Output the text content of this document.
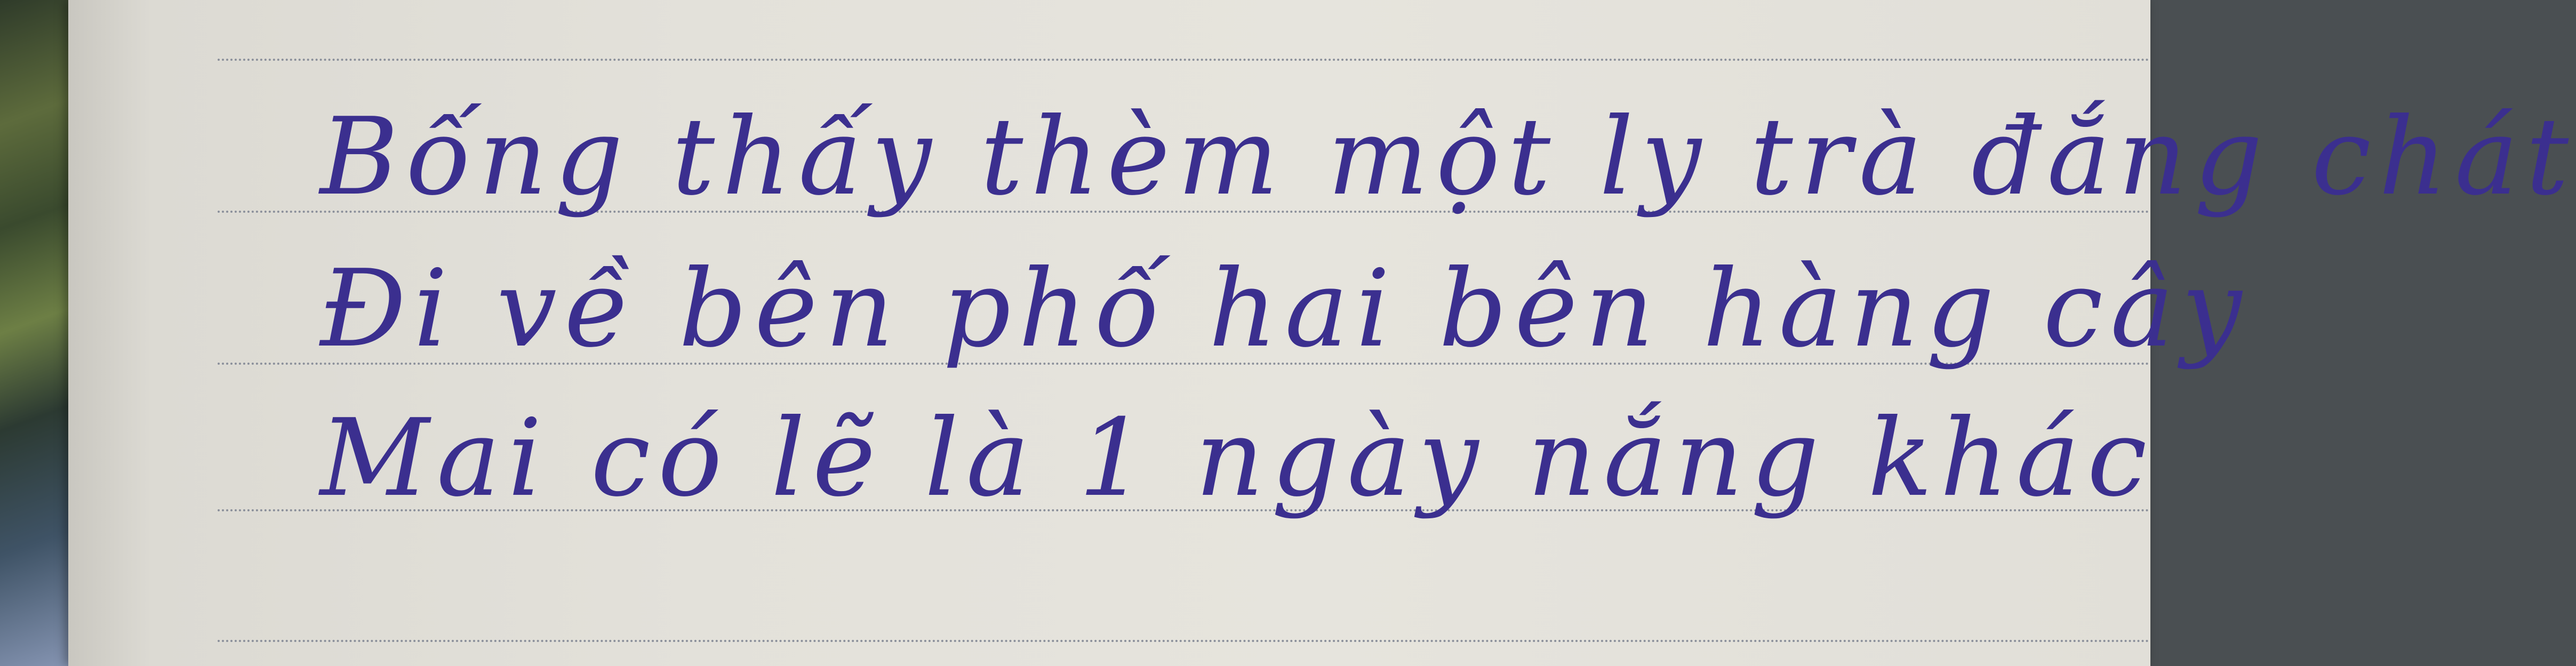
Bống thấy thèm một ly trà đắng chát
Đi về bên phố hai bên hàng cây
Mai có lẽ là 1 ngày nắng khác
